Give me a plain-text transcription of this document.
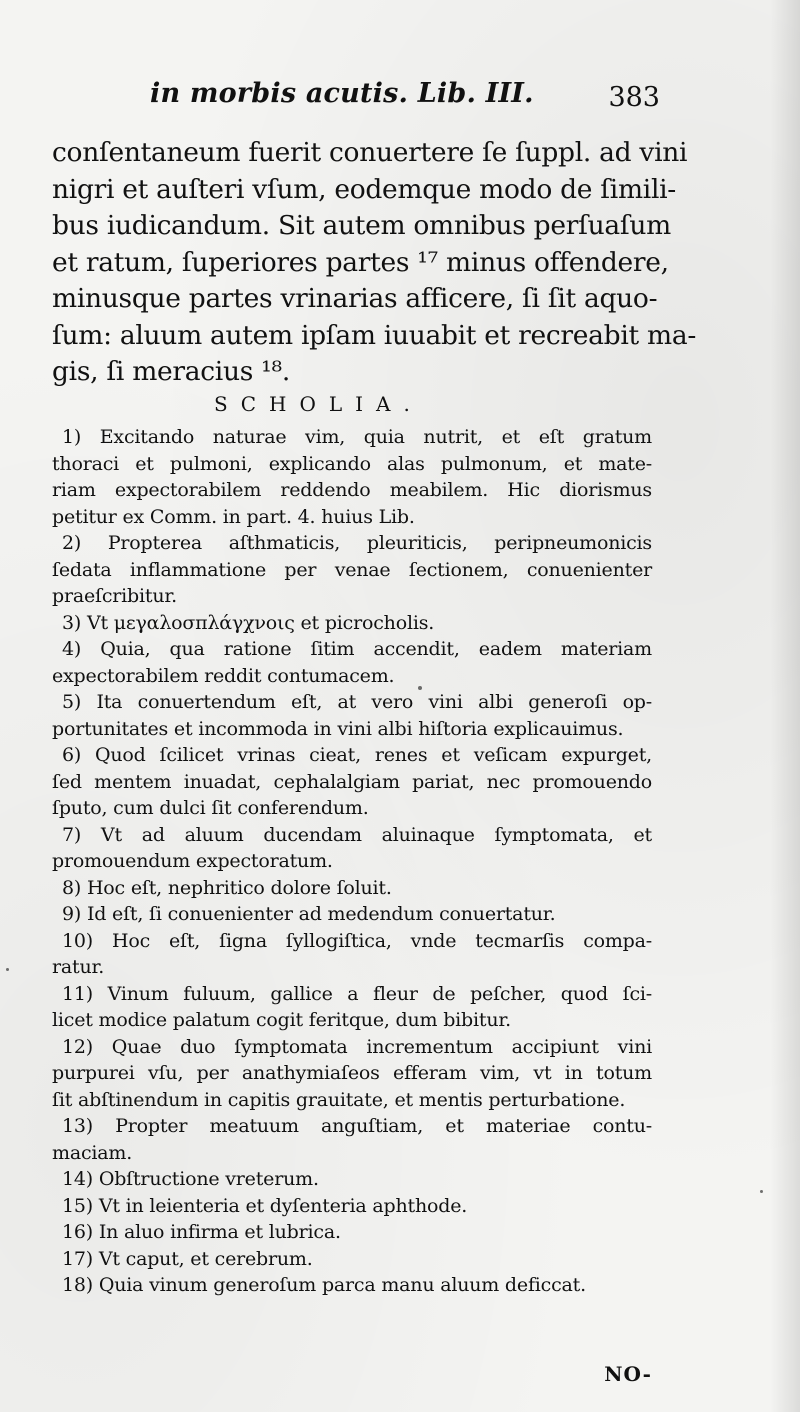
in morbis acutis. Lib. III.	383
conſentaneum fuerit conuertere ſe ſuppl. ad vini
nigri et auſteri vſum, eodemque modo de ſimili-
bus iudicandum. Sit autem omnibus perſuaſum
et ratum, ſuperiores partes ¹⁷ minus offendere,
minusque partes vrinarias afficere, ſi ſit aquo-
ſum: aluum autem ipſam iuuabit et recreabit ma-
gis, ſi meracius ¹⁸.
SCHOLIA.
1) Excitando naturae vim, quia nutrit, et eſt gratum
thoraci et pulmoni, explicando alas pulmonum, et mate-
riam expectorabilem reddendo meabilem. Hic diorismus
petitur ex Comm. in part. 4. huius Lib.
2) Propterea aſthmaticis, pleuriticis, peripneumonicis
ſedata inflammatione per venae ſectionem, conuenienter
praeſcribitur.
3) Vt μεγαλοσπλάγχνοις et picrocholis.
4) Quia, qua ratione ſitim accendit, eadem materiam
expectorabilem reddit contumacem.
5) Ita conuertendum eſt, at vero vini albi generoſi op-
portunitates et incommoda in vini albi hiſtoria explicauimus.
6) Quod ſcilicet vrinas cieat, renes et veſicam expurget,
ſed mentem inuadat, cephalalgiam pariat, nec promouendo
ſputo, cum dulci ſit conferendum.
7) Vt ad aluum ducendam aluinaque ſymptomata, et
promouendum expectoratum.
8) Hoc eſt, nephritico dolore ſoluit.
9) Id eſt, ſi conuenienter ad medendum conuertatur.
10) Hoc eſt, ſigna ſyllogiſtica, vnde tecmarſis compa-
ratur.
11) Vinum fuluum, gallice a fleur de peſcher, quod ſci-
licet modice palatum cogit feritque, dum bibitur.
12) Quae duo ſymptomata incrementum accipiunt vini
purpurei vſu, per anathymiaſeos efferam vim, vt in totum
ſit abſtinendum in capitis grauitate, et mentis perturbatione.
13) Propter meatuum anguſtiam, et materiae contu-
maciam.
14) Obſtructione vreterum.
15) Vt in leienteria et dyſenteria aphthode.
16) In aluo infirma et lubrica.
17) Vt caput, et cerebrum.
18) Quia vinum generoſum parca manu aluum deficcat.
NO-
